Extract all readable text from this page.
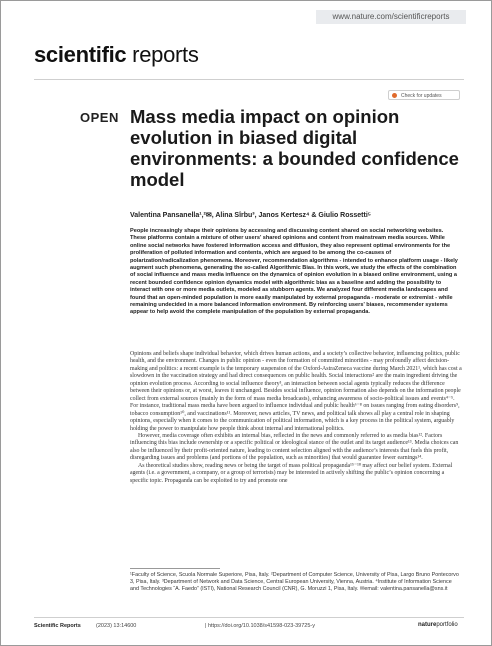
www.nature.com/scientificreports
scientific reports
Check for updates
OPEN Mass media impact on opinion evolution in biased digital environments: a bounded confidence model
Valentina Pansanella¹,²✉, Alina Sîrbu³, Janos Kertesz⁴ & Giulio Rossetti⁵

People increasingly shape their opinions by accessing and discussing content shared on social networking websites. These platforms contain a mixture of other users’ shared opinions and content from mainstream media sources. While online social networks have fostered information access and diffusion, they also represent optimal environments for the proliferation of polluted information and contents, which are argued to be among the co-causes of polarization/radicalization phenomena. Moreover, recommendation algorithms - intended to enhance platform usage - likely augment such phenomena, generating the so-called Algorithmic Bias. In this work, we study the effects of the combination of social influence and mass media influence on the dynamics of opinion evolution in a biased online environment, using a recent bounded confidence opinion dynamics model with algorithmic bias as a baseline and adding the possibility to interact with one or more media outlets, modeled as stubborn agents. We analyzed four different media landscapes and found that an open-minded population is more easily manipulated by external propaganda - moderate or extremist - while remaining undecided in a more balanced information environment. By reinforcing users’ biases, recommender systems appear to help avoid the complete manipulation of the population by external propaganda.

Opinions and beliefs shape individual behavior, which drives human actions, and a society’s collective behavior, influencing politics, public health, and the environment. Changes in public opinion - even the formation of committed minorities - may profoundly affect decision-making and politics: a recent example is the temporary suspension of the Oxford-AstraZeneca vaccine during March 2021¹, which has cost a slowdown in the vaccination strategy and had direct consequences on public health. Social interactions² are the main ingredient driving the opinion evolution process. According to social influence theory³, an interaction between social agents typically reduces the difference between their opinions or, at worst, leaves it unchanged. Besides social influence, opinion formation also depends on the information people collect from external sources (mainly in the form of mass media broadcasts), enhancing awareness of socio-political issues and events⁴⁻⁵. For instance, traditional mass media have been argued to influence individual and public health⁶⁻⁸ on issues ranging from eating disorders⁹, tobacco consumption¹⁰, and vaccinations¹¹. Moreover, news articles, TV news, and political talk shows all play a central role in shaping opinions, especially when it comes to the communication of political information, which is a key process in the political system, arguably holding the power to manipulate how people think about internal and international politics.

However, media coverage often exhibits an internal bias, reflected in the news and commonly referred to as media bias¹². Factors influencing this bias include ownership or a specific political or ideological stance of the outlet and its target audience¹³. Media choices can also be influenced by their profit-oriented nature, leading to content selection aligned with the audience’s interests that fuels this profit, disregarding issues and problems (and portions of the population, such as minorities) that would guarantee fewer earnings¹⁴.

As theoretical studies show, reading news or being the target of mass political propaganda¹⁵⁻¹⁸ may affect our belief system. External agents (i.e. a government, a company, or a group of terrorists) may be interested in actively shifting the public’s opinion concerning a specific topic. Propaganda can be exploited to try and promote one

¹Faculty of Science, Scuola Normale Superiore, Pisa, Italy. ²Department of Computer Science, University of Pisa, Largo Bruno Pontecorvo 3, Pisa, Italy. ³Department of Network and Data Science, Central European University, Vienna, Austria. ⁴Institute of Information Science and Technologies “A. Faedo” (ISTI), National Research Council (CNR), G. Moruzzi 1, Pisa, Italy. ✉email: valentina.pansanella@sns.it

Scientific Reports	(2023) 13:14600	| https://doi.org/10.1038/s41598-023-39725-y	natureportfolio
